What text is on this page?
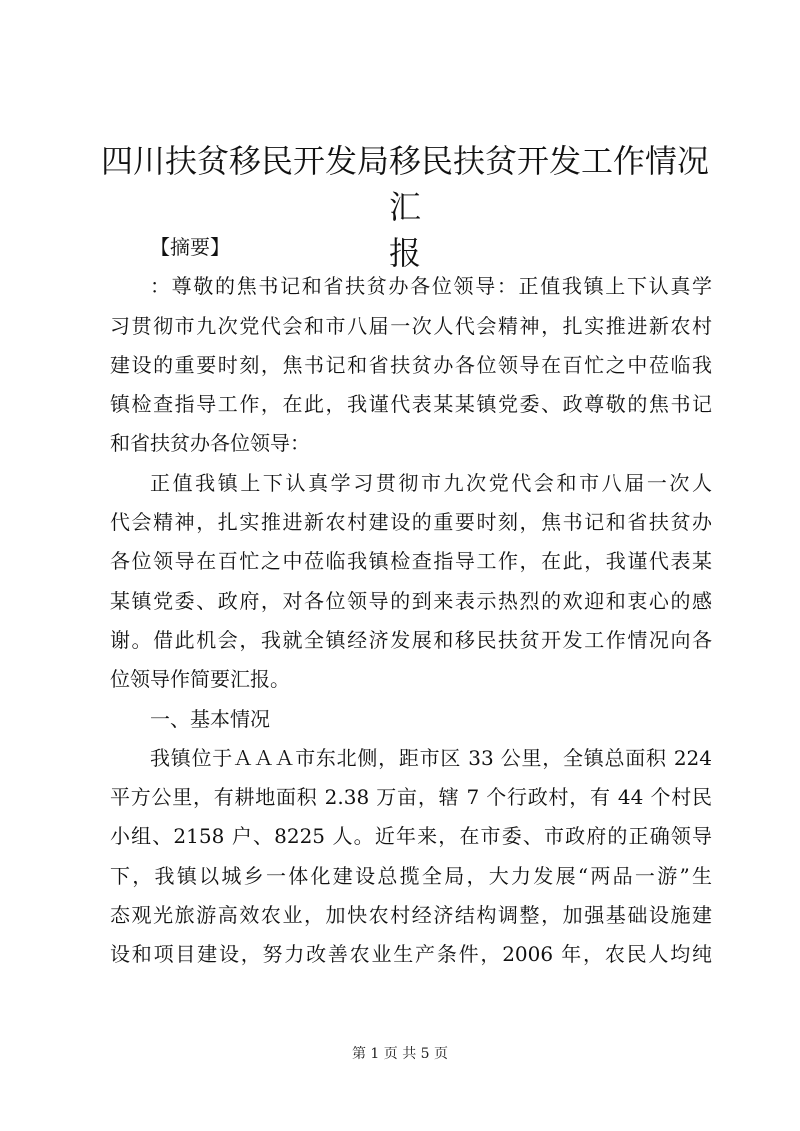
四川扶贫移民开发局移民扶贫开发工作情况汇
报
【摘要】
：尊敬的焦书记和省扶贫办各位领导：正值我镇上下认真学
习贯彻市九次党代会和市八届一次人代会精神，扎实推进新农村
建设的重要时刻，焦书记和省扶贫办各位领导在百忙之中莅临我
镇检查指导工作，在此，我谨代表某某镇党委、政尊敬的焦书记
和省扶贫办各位领导：
正值我镇上下认真学习贯彻市九次党代会和市八届一次人
代会精神，扎实推进新农村建设的重要时刻，焦书记和省扶贫办
各位领导在百忙之中莅临我镇检查指导工作，在此，我谨代表某
某镇党委、政府，对各位领导的到来表示热烈的欢迎和衷心的感
谢。借此机会，我就全镇经济发展和移民扶贫开发工作情况向各
位领导作简要汇报。
一、基本情况
我镇位于ＡＡＡ市东北侧，距市区 33 公里，全镇总面积 224
平方公里，有耕地面积 2.38 万亩，辖 7 个行政村，有 44 个村民
小组、2158 户、8225 人。近年来，在市委、市政府的正确领导
下，我镇以城乡一体化建设总揽全局，大力发展“两品一游”生
态观光旅游高效农业，加快农村经济结构调整，加强基础设施建
设和项目建设，努力改善农业生产条件，2006 年，农民人均纯
第 1 页 共 5 页
